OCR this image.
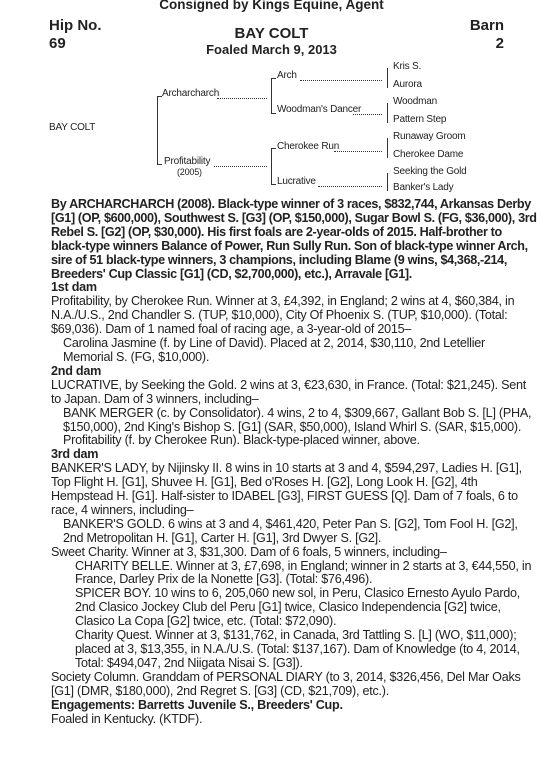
Consigned by Kings Equine, Agent
Hip No.
69
Barn
2
BAY COLT
Foaled March 9, 2013
BAY COLT
Archarcharch
Profitability
(2005)
Arch
Woodman's Dancer
Cherokee Run
Lucrative
Kris S.
Aurora
Woodman
Pattern Step
Runaway Groom
Cherokee Dame
Seeking the Gold
Banker's Lady

By ARCHARCHARCH (2008). Black-type winner of 3 races, $832,744, Arkansas Derby [G1] (OP, $600,000), Southwest S. [G3] (OP, $150,000), Sugar Bowl S. (FG, $36,000), 3rd Rebel S. [G2] (OP, $30,000). His first foals are 2-year-olds of 2015. Half-brother to black-type winners Balance of Power, Run Sully Run. Son of black-type winner Arch, sire of 51 black-type winners, 3 champions, including Blame (9 wins, $4,368,-214, Breeders' Cup Classic [G1] (CD, $2,700,000), etc.), Arravale [G1].

1st dam

Profitability, by Cherokee Run. Winner at 3, £4,392, in England; 2 wins at 4, $60,384, in N.A./U.S., 2nd Chandler S. (TUP, $10,000), City Of Phoenix S. (TUP, $10,000). (Total: $69,036). Dam of 1 named foal of racing age, a 3-year-old of 2015–

Carolina Jasmine (f. by Line of David). Placed at 2, 2014, $30,110, 2nd Letellier Memorial S. (FG, $10,000).

2nd dam

LUCRATIVE, by Seeking the Gold. 2 wins at 3, €23,630, in France. (Total: $21,245). Sent to Japan. Dam of 3 winners, including–

BANK MERGER (c. by Consolidator). 4 wins, 2 to 4, $309,667, Gallant Bob S. [L] (PHA, $150,000), 2nd King's Bishop S. [G1] (SAR, $50,000), Island Whirl S. (SAR, $15,000).

Profitability (f. by Cherokee Run). Black-type-placed winner, above.

3rd dam

BANKER'S LADY, by Nijinsky II. 8 wins in 10 starts at 3 and 4, $594,297, Ladies H. [G1], Top Flight H. [G1], Shuvee H. [G1], Bed o'Roses H. [G2], Long Look H. [G2], 4th Hempstead H. [G1]. Half-sister to IDABEL [G3], FIRST GUESS [Q]. Dam of 7 foals, 6 to race, 4 winners, including–

BANKER'S GOLD. 6 wins at 3 and 4, $461,420, Peter Pan S. [G2], Tom Fool H. [G2], 2nd Metropolitan H. [G1], Carter H. [G1], 3rd Dwyer S. [G2].

Sweet Charity. Winner at 3, $31,300. Dam of 6 foals, 5 winners, including–

CHARITY BELLE. Winner at 3, £7,698, in England; winner in 2 starts at 3, €44,550, in France, Darley Prix de la Nonette [G3]. (Total: $76,496).

SPICER BOY. 10 wins to 6, 205,060 new sol, in Peru, Clasico Ernesto Ayulo Pardo, 2nd Clasico Jockey Club del Peru [G1] twice, Clasico Independencia [G2] twice, Clasico La Copa [G2] twice, etc. (Total: $72,090).

Charity Quest. Winner at 3, $131,762, in Canada, 3rd Tattling S. [L] (WO, $11,000); placed at 3, $13,355, in N.A./U.S. (Total: $137,167). Dam of Knowledge (to 4, 2014, Total: $494,047, 2nd Niigata Nisai S. [G3]).

Society Column. Granddam of PERSONAL DIARY (to 3, 2014, $326,456, Del Mar Oaks [G1] (DMR, $180,000), 2nd Regret S. [G3] (CD, $21,709), etc.).

Engagements: Barretts Juvenile S., Breeders' Cup.

Foaled in Kentucky. (KTDF).
